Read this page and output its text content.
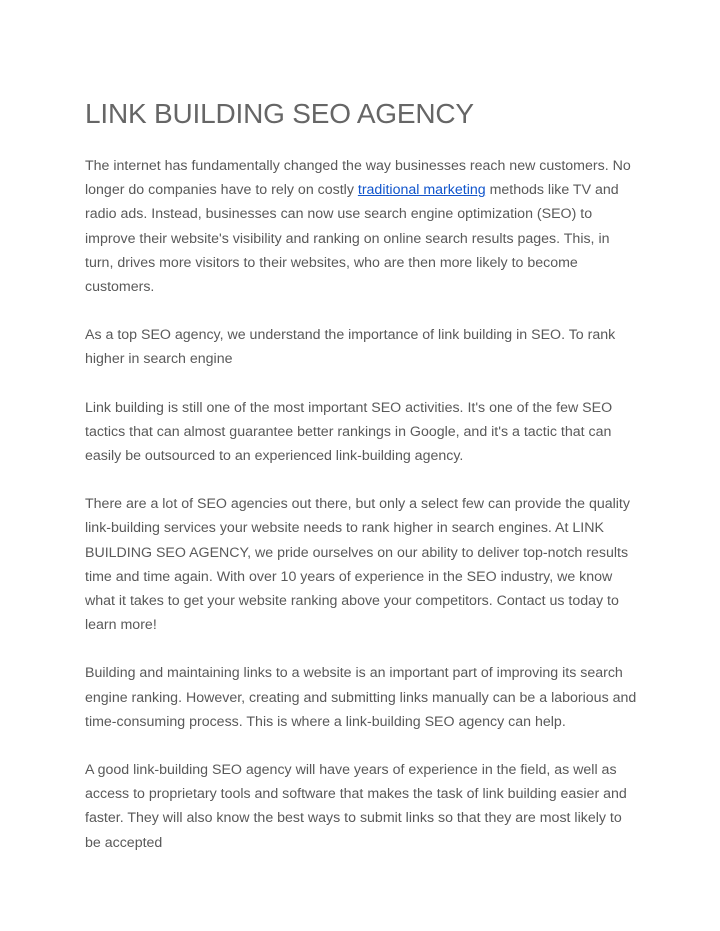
LINK BUILDING SEO AGENCY

The internet has fundamentally changed the way businesses reach new customers. No longer do companies have to rely on costly traditional marketing methods like TV and radio ads. Instead, businesses can now use search engine optimization (SEO) to improve their website's visibility and ranking on online search results pages. This, in turn, drives more visitors to their websites, who are then more likely to become customers.

As a top SEO agency, we understand the importance of link building in SEO. To rank higher in search engine

Link building is still one of the most important SEO activities. It's one of the few SEO tactics that can almost guarantee better rankings in Google, and it's a tactic that can easily be outsourced to an experienced link-building agency.

There are a lot of SEO agencies out there, but only a select few can provide the quality link-building services your website needs to rank higher in search engines. At LINK BUILDING SEO AGENCY, we pride ourselves on our ability to deliver top-notch results time and time again. With over 10 years of experience in the SEO industry, we know what it takes to get your website ranking above your competitors. Contact us today to learn more!

Building and maintaining links to a website is an important part of improving its search engine ranking. However, creating and submitting links manually can be a laborious and time-consuming process. This is where a link-building SEO agency can help.

A good link-building SEO agency will have years of experience in the field, as well as access to proprietary tools and software that makes the task of link building easier and faster. They will also know the best ways to submit links so that they are most likely to be accepted
